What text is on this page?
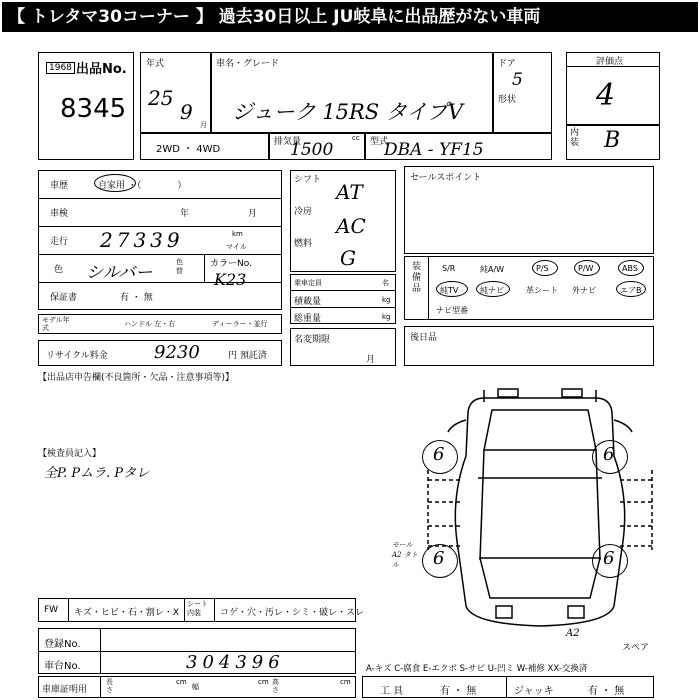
【 トレタマ30コーナー 】 過去30日以上 JU岐阜に出品歴がない車両
1968 出品No.
8345
年式
25
9
月
車名・グレード
ジューク 15RS タイプV
ドア
5
形状
2WD ・ 4WD
排気量
1500
cc 型式
DBA - YF15
評価点
4
内装 B
車歴	自家用 ・（　　　　）
車検	年	月
走行 27339	km
マイル
色 シルバー
色替
カラーNo.
K23
保証書	有 ・ 無
モデル年式	ハンドル 左・右	ディーラー・並行
リサイクル料金	9230	円 預託済
シフト AT
冷房
AC
燃料
G
乗車定員	名
積載量	kg
総重量	kg
名変期限
月
セールスポイント
装備品
S/R	純A/W	P/S	P/W	ABS
純TV	純ナビ	革シート 外ナビ	エアB
ナビ型番
後日品
【出品店申告欄(不良箇所・欠品・注意事項等)】
【検査員記入】
全P. Pムラ. Pタレ
6	6
6	6
モール A2 タトル
A2
スペア
FW キズ・ヒビ・石・割レ・X
シート内装	コゲ・穴・汚レ・シミ・破レ・スレ
登録No.
車台No.	304396
車庫証明用
長さ
cm
幅
cm 高さ
cm
A-キズ C-腐食 E-エクボ S-サビ U-凹ミ W-補修 XX-交換済
工 具	有 ・ 無	ジャッキ	有 ・ 無
